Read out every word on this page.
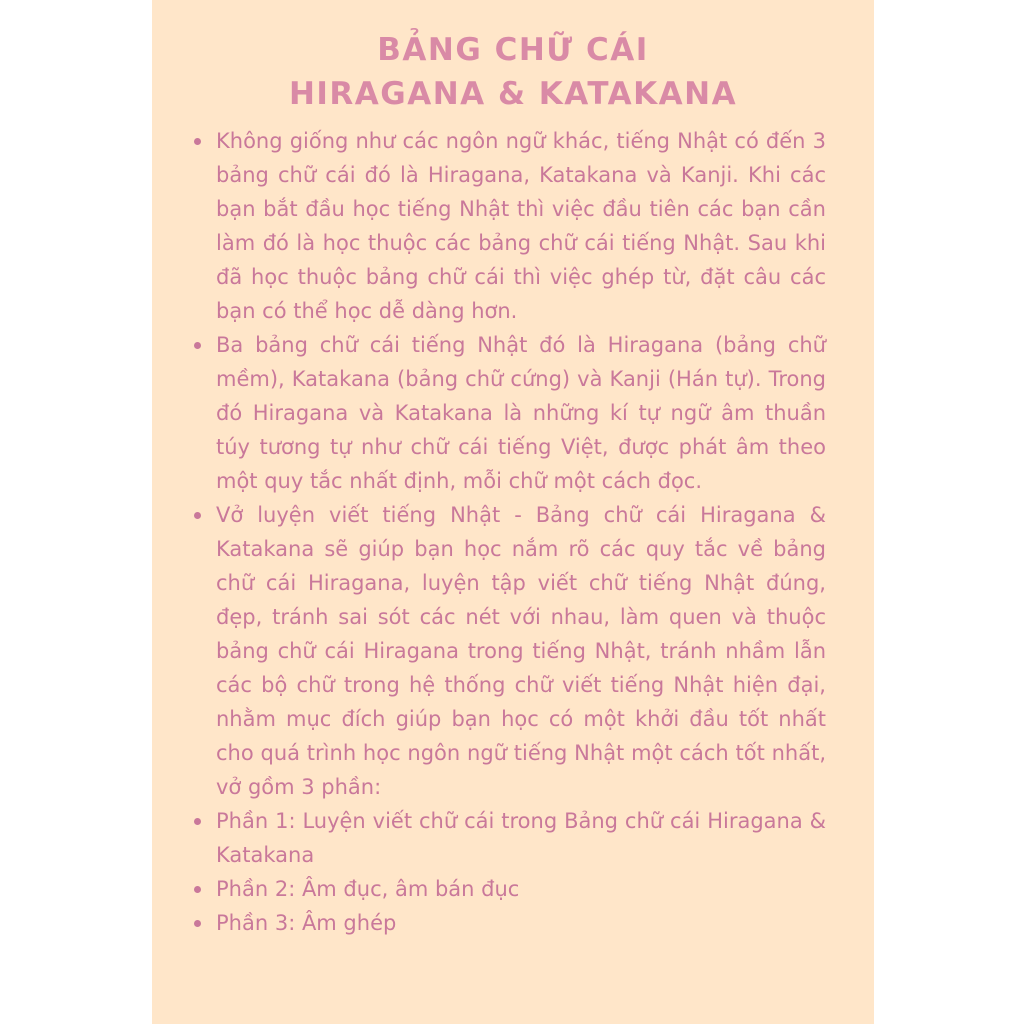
BẢNG CHỮ CÁI
HIRAGANA & KATAKANA
Không giống như các ngôn ngữ khác, tiếng Nhật có đến 3 bảng chữ cái đó là Hiragana, Katakana và Kanji. Khi các bạn bắt đầu học tiếng Nhật thì việc đầu tiên các bạn cần làm đó là học thuộc các bảng chữ cái tiếng Nhật. Sau khi đã học thuộc bảng chữ cái thì việc ghép từ, đặt câu các bạn có thể học dễ dàng hơn.
Ba bảng chữ cái tiếng Nhật đó là Hiragana (bảng chữ mềm), Katakana (bảng chữ cứng) và Kanji (Hán tự). Trong đó Hiragana và Katakana là những kí tự ngữ âm thuần túy tương tự như chữ cái tiếng Việt, được phát âm theo một quy tắc nhất định, mỗi chữ một cách đọc.
Vở luyện viết tiếng Nhật - Bảng chữ cái Hiragana & Katakana sẽ giúp bạn học nắm rõ các quy tắc về bảng chữ cái Hiragana, luyện tập viết chữ tiếng Nhật đúng, đẹp, tránh sai sót các nét với nhau, làm quen và thuộc bảng chữ cái Hiragana trong tiếng Nhật, tránh nhầm lẫn các bộ chữ trong hệ thống chữ viết tiếng Nhật hiện đại, nhằm mục đích giúp bạn học có một khởi đầu tốt nhất cho quá trình học ngôn ngữ tiếng Nhật một cách tốt nhất, vở gồm 3 phần:
Phần 1: Luyện viết chữ cái trong Bảng chữ cái Hiragana & Katakana
Phần 2: Âm đục, âm bán đục
Phần 3: Âm ghép
